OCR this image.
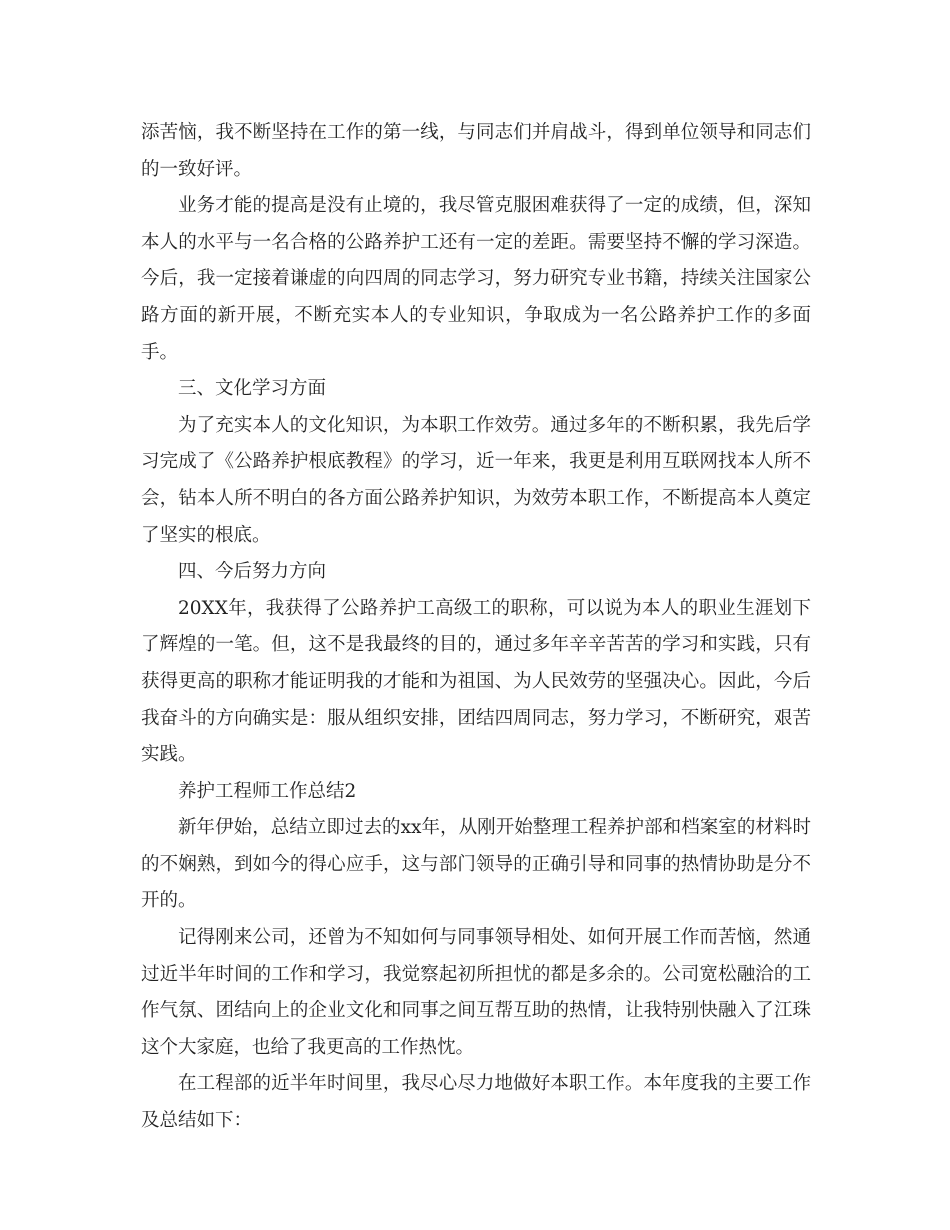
添苦恼，我不断坚持在工作的第一线，与同志们并肩战斗，得到单位领导和同志们的一致好评。

业务才能的提高是没有止境的，我尽管克服困难获得了一定的成绩，但，深知本人的水平与一名合格的公路养护工还有一定的差距。需要坚持不懈的学习深造。今后，我一定接着谦虚的向四周的同志学习，努力研究专业书籍，持续关注国家公路方面的新开展，不断充实本人的专业知识，争取成为一名公路养护工作的多面手。

三、文化学习方面

为了充实本人的文化知识，为本职工作效劳。通过多年的不断积累，我先后学习完成了《公路养护根底教程》的学习，近一年来，我更是利用互联网找本人所不会，钻本人所不明白的各方面公路养护知识，为效劳本职工作，不断提高本人奠定了坚实的根底。

四、今后努力方向

20XX年，我获得了公路养护工高级工的职称，可以说为本人的职业生涯划下了辉煌的一笔。但，这不是我最终的目的，通过多年辛辛苦苦的学习和实践，只有获得更高的职称才能证明我的才能和为祖国、为人民效劳的坚强决心。因此，今后我奋斗的方向确实是：服从组织安排，团结四周同志，努力学习，不断研究，艰苦实践。

养护工程师工作总结2

新年伊始，总结立即过去的xx年，从刚开始整理工程养护部和档案室的材料时的不娴熟，到如今的得心应手，这与部门领导的正确引导和同事的热情协助是分不开的。

记得刚来公司，还曾为不知如何与同事领导相处、如何开展工作而苦恼，然通过近半年时间的工作和学习，我觉察起初所担忧的都是多余的。公司宽松融洽的工作气氛、团结向上的企业文化和同事之间互帮互助的热情，让我特别快融入了江珠这个大家庭，也给了我更高的工作热忱。

在工程部的近半年时间里，我尽心尽力地做好本职工作。本年度我的主要工作及总结如下：
